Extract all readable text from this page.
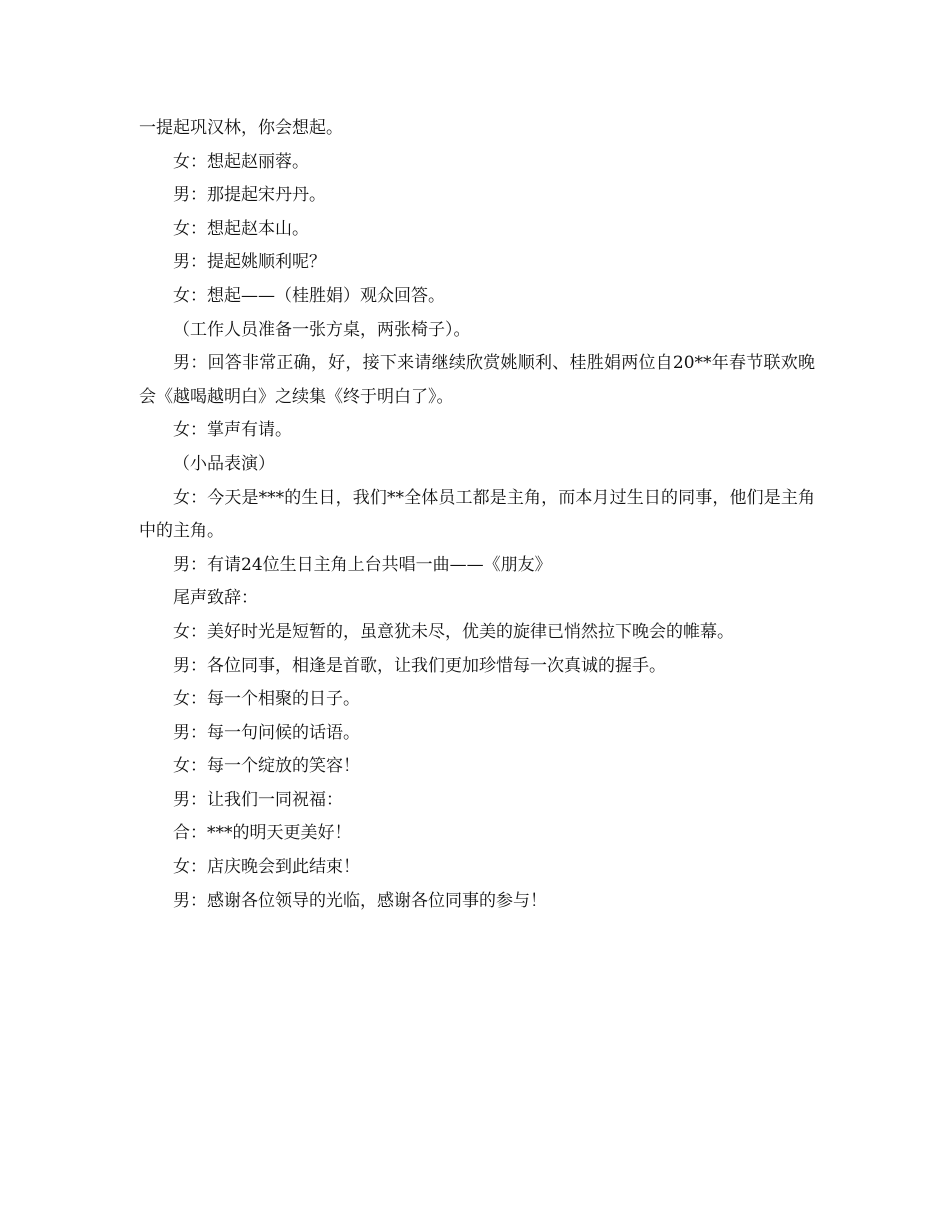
一提起巩汉林，你会想起。

女：想起赵丽蓉。

男：那提起宋丹丹。

女：想起赵本山。

男：提起姚顺利呢？

女：想起——（桂胜娟）观众回答。

（工作人员准备一张方桌，两张椅子）。

男：回答非常正确，好，接下来请继续欣赏姚顺利、桂胜娟两位自20**年春节联欢晚会《越喝越明白》之续集《终于明白了》。

女：掌声有请。

（小品表演）

女：今天是***的生日，我们**全体员工都是主角，而本月过生日的同事，他们是主角中的主角。

男：有请24位生日主角上台共唱一曲——《朋友》

尾声致辞：

女：美好时光是短暂的，虽意犹未尽，优美的旋律已悄然拉下晚会的帷幕。

男：各位同事，相逢是首歌，让我们更加珍惜每一次真诚的握手。

女：每一个相聚的日子。

男：每一句问候的话语。

女：每一个绽放的笑容！

男：让我们一同祝福：

合：***的明天更美好！

女：店庆晚会到此结束！

男：感谢各位领导的光临，感谢各位同事的参与！
